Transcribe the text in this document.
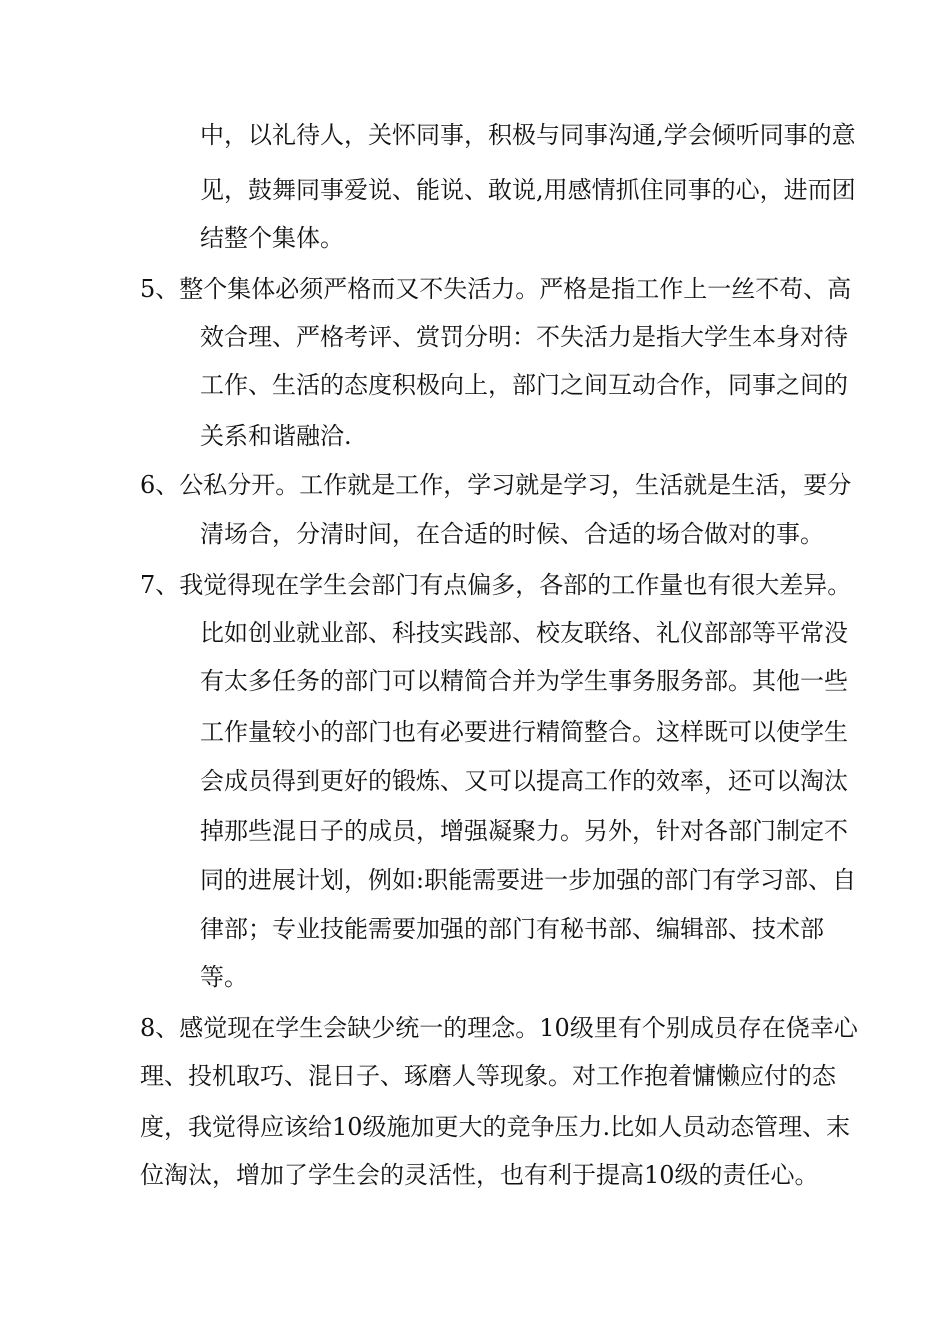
中，以礼待人，关怀同事，积极与同事沟通,学会倾听同事的意
见，鼓舞同事爱说、能说、敢说,用感情抓住同事的心，进而团
结整个集体。
5、整个集体必须严格而又不失活力。严格是指工作上一丝不苟、高
效合理、严格考评、赏罚分明：不失活力是指大学生本身对待
工作、生活的态度积极向上，部门之间互动合作，同事之间的
关系和谐融洽.
6、公私分开。工作就是工作，学习就是学习，生活就是生活，要分
清场合，分清时间，在合适的时候、合适的场合做对的事。
7、我觉得现在学生会部门有点偏多，各部的工作量也有很大差异。
比如创业就业部、科技实践部、校友联络、礼仪部部等平常没
有太多任务的部门可以精简合并为学生事务服务部。其他一些
工作量较小的部门也有必要进行精简整合。这样既可以使学生
会成员得到更好的锻炼、又可以提高工作的效率，还可以淘汰
掉那些混日子的成员，增强凝聚力。另外，针对各部门制定不
同的进展计划，例如:职能需要进一步加强的部门有学习部、自
律部；专业技能需要加强的部门有秘书部、编辑部、技术部
等。
8、感觉现在学生会缺少统一的理念。10级里有个别成员存在侥幸心
理、投机取巧、混日子、琢磨人等现象。对工作抱着慵懒应付的态
度，我觉得应该给10级施加更大的竞争压力.比如人员动态管理、末
位淘汰，增加了学生会的灵活性，也有利于提高10级的责任心。
